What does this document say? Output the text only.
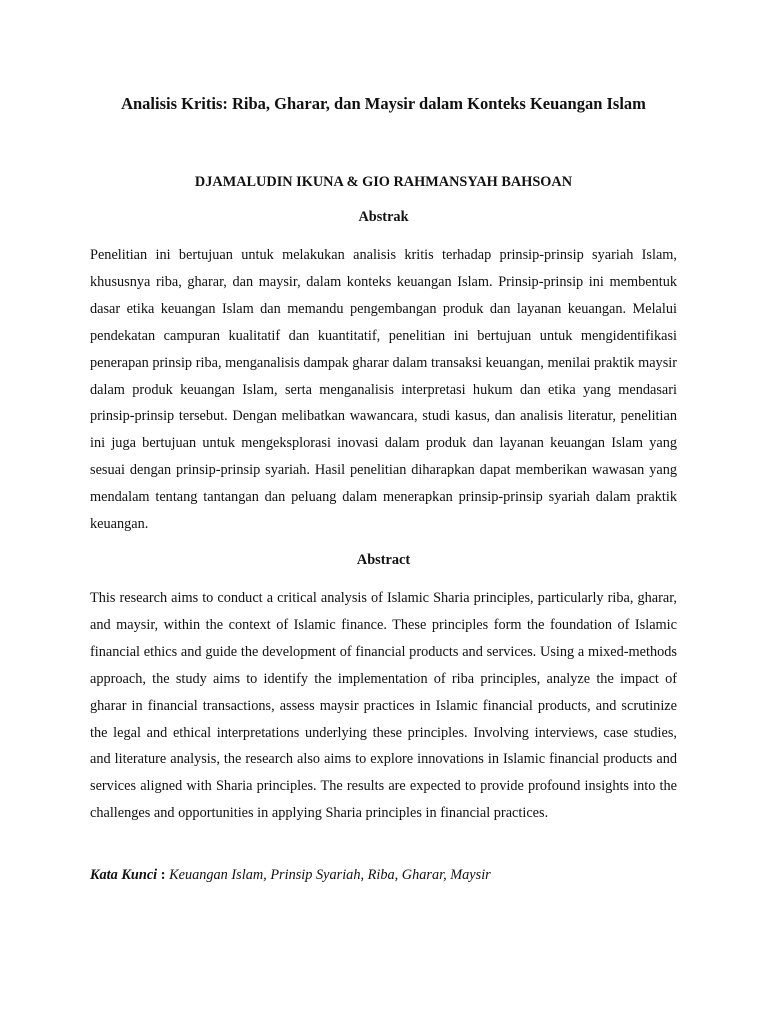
Analisis Kritis: Riba, Gharar, dan Maysir dalam Konteks Keuangan Islam

DJAMALUDIN IKUNA & GIO RAHMANSYAH BAHSOAN

Abstrak

Penelitian ini bertujuan untuk melakukan analisis kritis terhadap prinsip-prinsip syariah Islam, khususnya riba, gharar, dan maysir, dalam konteks keuangan Islam. Prinsip-prinsip ini membentuk dasar etika keuangan Islam dan memandu pengembangan produk dan layanan keuangan. Melalui pendekatan campuran kualitatif dan kuantitatif, penelitian ini bertujuan untuk mengidentifikasi penerapan prinsip riba, menganalisis dampak gharar dalam transaksi keuangan, menilai praktik maysir dalam produk keuangan Islam, serta menganalisis interpretasi hukum dan etika yang mendasari prinsip-prinsip tersebut. Dengan melibatkan wawancara, studi kasus, dan analisis literatur, penelitian ini juga bertujuan untuk mengeksplorasi inovasi dalam produk dan layanan keuangan Islam yang sesuai dengan prinsip-prinsip syariah. Hasil penelitian diharapkan dapat memberikan wawasan yang mendalam tentang tantangan dan peluang dalam menerapkan prinsip-prinsip syariah dalam praktik keuangan.

Abstract

This research aims to conduct a critical analysis of Islamic Sharia principles, particularly riba, gharar, and maysir, within the context of Islamic finance. These principles form the foundation of Islamic financial ethics and guide the development of financial products and services. Using a mixed-methods approach, the study aims to identify the implementation of riba principles, analyze the impact of gharar in financial transactions, assess maysir practices in Islamic financial products, and scrutinize the legal and ethical interpretations underlying these principles. Involving interviews, case studies, and literature analysis, the research also aims to explore innovations in Islamic financial products and services aligned with Sharia principles. The results are expected to provide profound insights into the challenges and opportunities in applying Sharia principles in financial practices.

Kata Kunci : Keuangan Islam, Prinsip Syariah, Riba, Gharar, Maysir
